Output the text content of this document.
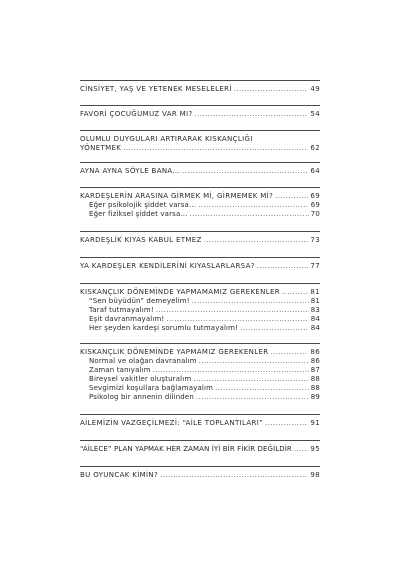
CİNSİYET, YAŞ VE YETENEK MESELELERİ .....	49
FAVORİ ÇOCUĞUMUZ VAR MI? .....	54
OLUMLU DUYGULARI ARTIRARAK KISKANÇLIĞI
YÖNETMEK .....	62
AYNA AYNA SÖYLE BANA... .....	64
KARDEŞLERİN ARASINA GİRMEK Mİ, GİRMEMEK Mİ? .....	69
Eğer psikolojik şiddet varsa... .....	69
Eğer fiziksel şiddet varsa... .....	70
KARDEŞLİK KIYAS KABUL ETMEZ .....	73
YA KARDEŞLER KENDİLERİNİ KIYASLARLARSA? .....	77
KISKANÇLIK DÖNEMİNDE YAPMAMAMIZ GEREKENLER .....	81
“Sen büyüdün” demeyelim! .....	81
Taraf tutmayalım! .....	83
Eşit davranmayalım! .....	84
Her şeyden kardeşi sorumlu tutmayalım! .....	84
KISKANÇLIK DÖNEMİNDE YAPMAMIZ GEREKENLER .....	86
Normal ve olağan davranalım .....	86
Zaman tanıyalım .....	87
Bireysel vakitler oluşturalım .....	88
Sevgimizi koşullara bağlamayalım .....	88
Psikolog bir annenin dilinden .....	89
AİLEMİZİN VAZGEÇİLMEZİ: “AİLE TOPLANTILARI” .....	91
“AİLECE” PLAN YAPMAK HER ZAMAN İYİ BİR FİKİR DEĞİLDİR .....	95
BU OYUNCAK KİMİN? .....	98
